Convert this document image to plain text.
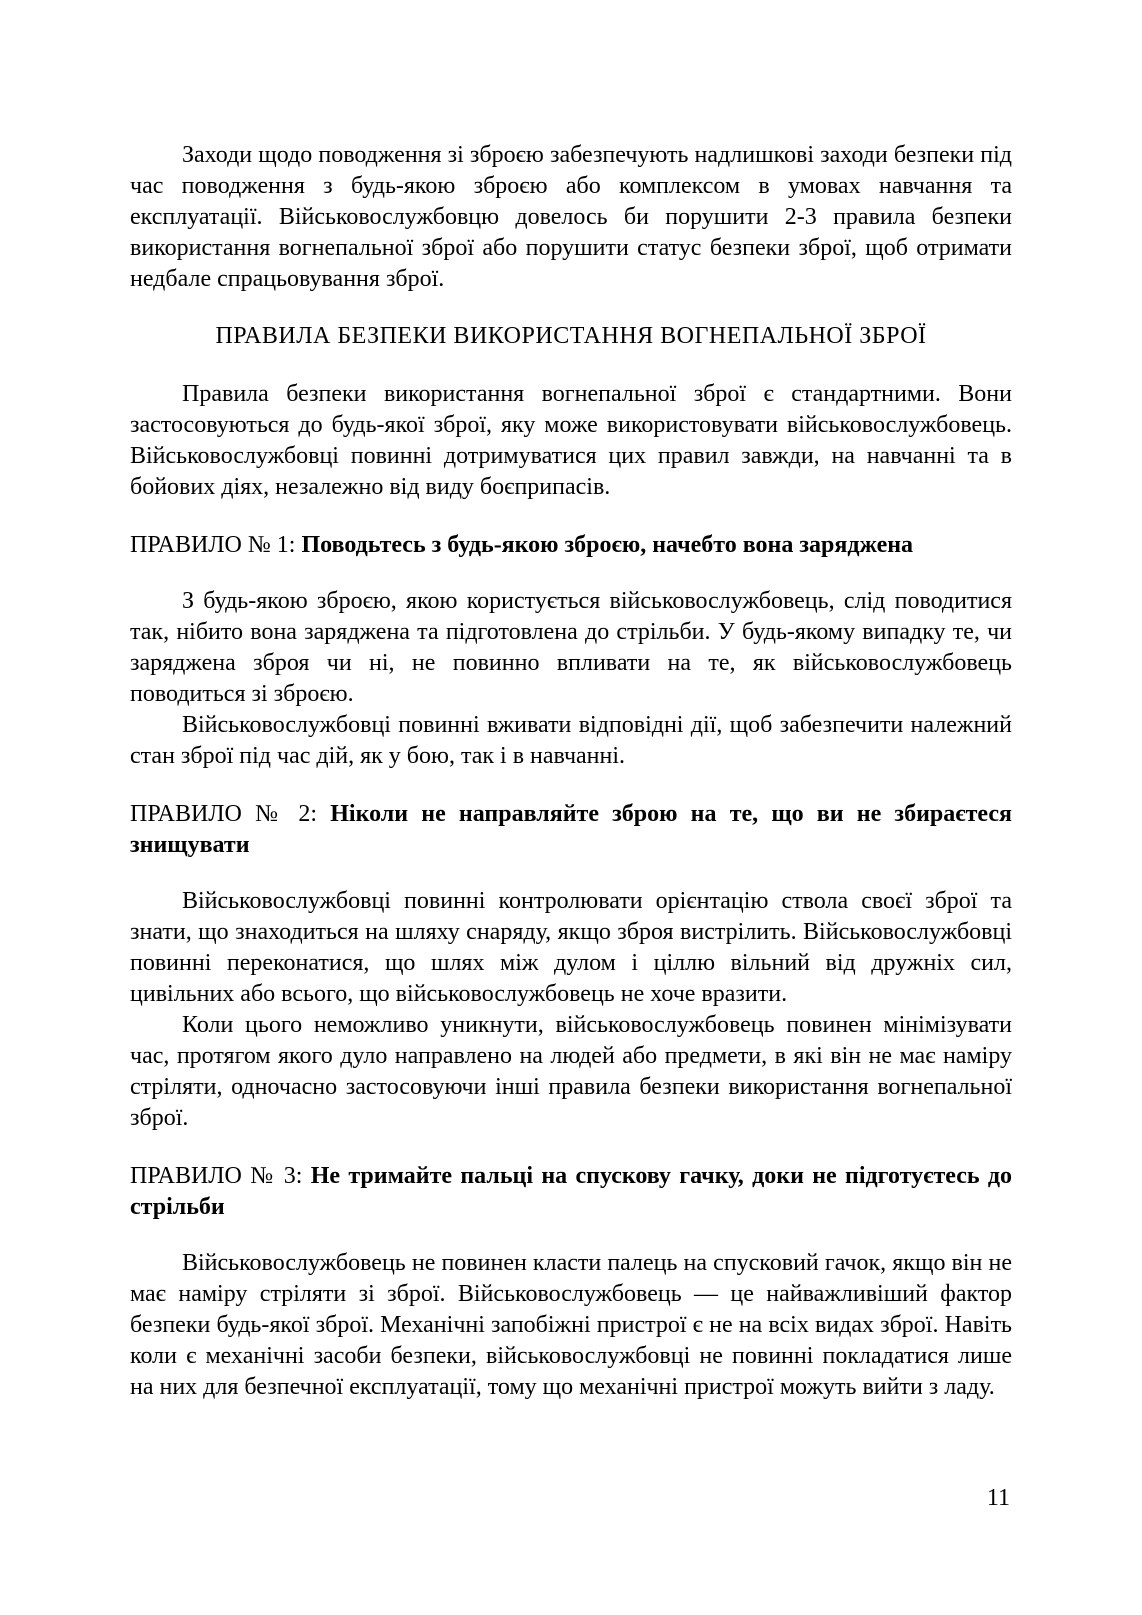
Заходи щодо поводження зі зброєю забезпечують надлишкові заходи безпеки під час поводження з будь-якою зброєю або комплексом в умовах навчання та експлуатації. Військовослужбовцю довелось би порушити 2-3 правила безпеки використання вогнепальної зброї або порушити статус безпеки зброї, щоб отримати недбале спрацьовування зброї.

ПРАВИЛА БЕЗПЕКИ ВИКОРИСТАННЯ ВОГНЕПАЛЬНОЇ ЗБРОЇ

Правила безпеки використання вогнепальної зброї є стандартними. Вони застосовуються до будь-якої зброї, яку може використовувати військовослужбовець. Військовослужбовці повинні дотримуватися цих правил завжди, на навчанні та в бойових діях, незалежно від виду боєприпасів.

ПРАВИЛО № 1: Поводьтесь з будь-якою зброєю, начебто вона заряджена

З будь-якою зброєю, якою користується військовослужбовець, слід поводитися так, нібито вона заряджена та підготовлена до стрільби. У будь-якому випадку те, чи заряджена зброя чи ні, не повинно впливати на те, як військовослужбовець поводиться зі зброєю.

Військовослужбовці повинні вживати відповідні дії, щоб забезпечити належний стан зброї під час дій, як у бою, так і в навчанні.

ПРАВИЛО № 2: Ніколи не направляйте зброю на те, що ви не збираєтеся знищувати

Військовослужбовці повинні контролювати орієнтацію ствола своєї зброї та знати, що знаходиться на шляху снаряду, якщо зброя вистрілить. Військовослужбовці повинні переконатися, що шлях між дулом і ціллю вільний від дружніх сил, цивільних або всього, що військовослужбовець не хоче вразити.

Коли цього неможливо уникнути, військовослужбовець повинен мінімізувати час, протягом якого дуло направлено на людей або предмети, в які він не має наміру стріляти, одночасно застосовуючи інші правила безпеки використання вогнепальної зброї.

ПРАВИЛО № 3: Не тримайте пальці на спускову гачку, доки не підготуєтесь до стрільби

Військовослужбовець не повинен класти палець на спусковий гачок, якщо він не має наміру стріляти зі зброї. Військовослужбовець — це найважливіший фактор безпеки будь-якої зброї. Механічні запобіжні пристрої є не на всіх видах зброї. Навіть коли є механічні засоби безпеки, військовослужбовці не повинні покладатися лише на них для безпечної експлуатації, тому що механічні пристрої можуть вийти з ладу.

11
